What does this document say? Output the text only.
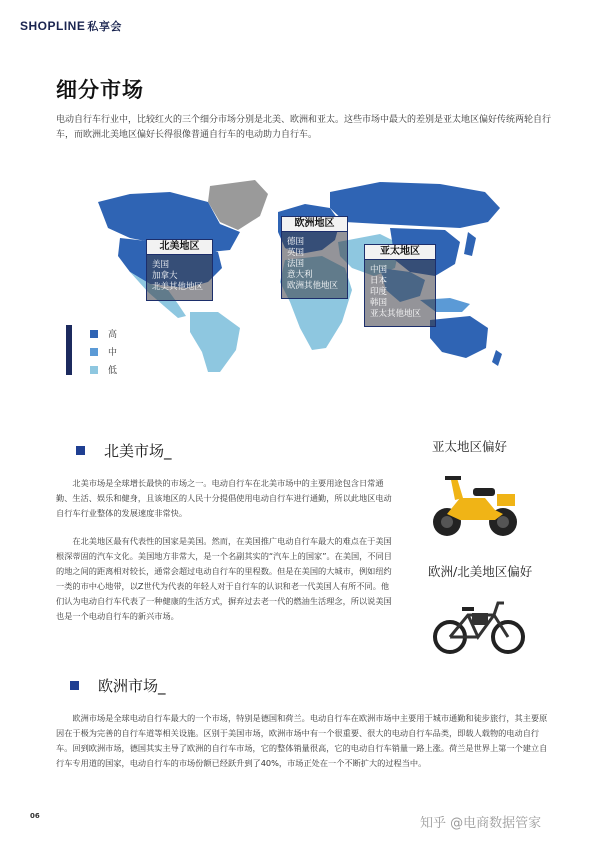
SHOPLINE 私享会
细分市场

电动自行车行业中，比较红火的三个细分市场分别是北美、欧洲和亚太。这些市场中最大的差别是亚太地区偏好传统两轮自行车，而欧洲北美地区偏好长得很像普通自行车的电动助力自行车。

北美地区
美国
加拿大
北美其他地区
欧洲地区
德国
英国
法国
意大利
欧洲其他地区
亚太地区
中国
日本
印度
韩国
亚太其他地区
高
中
低
北美市场_

北美市场是全球增长最快的市场之一。电动自行车在北美市场中的主要用途包含日常通勤、生活、娱乐和健身，且该地区的人民十分提倡使用电动自行车进行通勤，所以此地区电动自行车行业整体的发展速度非常快。

在北美地区最有代表性的国家是美国。然而，在美国推广电动自行车最大的难点在于美国根深蒂固的汽车文化。美国地方非常大，是一个名副其实的“汽车上的国家”。在美国，不同目的地之间的距离相对较长，通常会超过电动自行车的里程数。但是在美国的大城市，例如纽约一类的市中心地带，以Z世代为代表的年轻人对于自行车的认识和老一代美国人有所不同。他们认为电动自行车代表了一种健康的生活方式，摒弃过去老一代的燃油生活理念，所以说美国也是一个电动自行车的新兴市场。

亚太地区偏好
欧洲/北美地区偏好
欧洲市场_

欧洲市场是全球电动自行车最大的一个市场，特别是德国和荷兰。电动自行车在欧洲市场中主要用于城市通勤和徒步旅行，其主要原因在于极为完善的自行车道等相关设施。区别于美国市场，欧洲市场中有一个很重要、很大的电动自行车品类，即载人载物的电动自行车。回到欧洲市场，德国其实主导了欧洲的自行车市场，它的整体销量很高，它的电动自行车销量一路上涨。荷兰是世界上第一个建立自行车专用道的国家，电动自行车的市场份额已经跃升到了40%，市场正处在一个不断扩大的过程当中。

06	知乎 @电商数据管家
